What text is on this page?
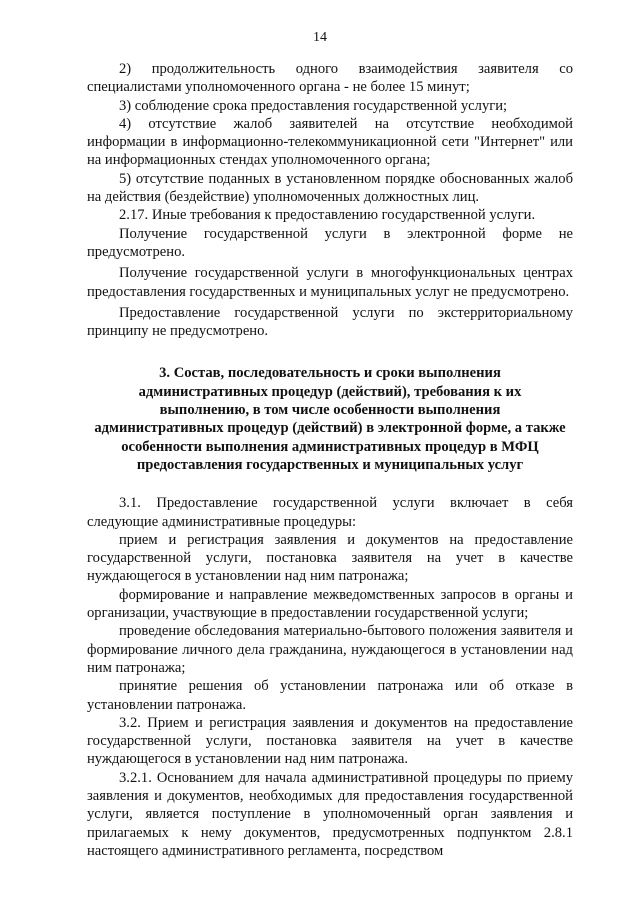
14

2) продолжительность одного взаимодействия заявителя со специалистами уполномоченного органа - не более 15 минут;

3) соблюдение срока предоставления государственной услуги;

4) отсутствие жалоб заявителей на отсутствие необходимой информации в информационно-телекоммуникационной сети "Интернет" или на информационных стендах уполномоченного органа;

5) отсутствие поданных в установленном порядке обоснованных жалоб на действия (бездействие) уполномоченных должностных лиц.

2.17. Иные требования к предоставлению государственной услуги.

Получение государственной услуги в электронной форме не предусмотрено.

Получение государственной услуги в многофункциональных центрах предоставления государственных и муниципальных услуг не предусмотрено.

Предоставление государственной услуги по экстерриториальному принципу не предусмотрено.

3. Состав, последовательность и сроки выполнения
административных процедур (действий), требования к их
выполнению, в том числе особенности выполнения
административных процедур (действий) в электронной форме, а также
особенности выполнения административных процедур в МФЦ
предоставления государственных и муниципальных услуг

3.1. Предоставление государственной услуги включает в себя следующие административные процедуры:

прием и регистрация заявления и документов на предоставление государственной услуги, постановка заявителя на учет в качестве нуждающегося в установлении над ним патронажа;

формирование и направление межведомственных запросов в органы и организации, участвующие в предоставлении государственной услуги;

проведение обследования материально-бытового положения заявителя и формирование личного дела гражданина, нуждающегося в установлении над ним патронажа;

принятие решения об установлении патронажа или об отказе в установлении патронажа.

3.2. Прием и регистрация заявления и документов на предоставление государственной услуги, постановка заявителя на учет в качестве нуждающегося в установлении над ним патронажа.

3.2.1. Основанием для начала административной процедуры по приему заявления и документов, необходимых для предоставления государственной услуги, является поступление в уполномоченный орган заявления и прилагаемых к нему документов, предусмотренных подпунктом 2.8.1 настоящего административного регламента, посредством
